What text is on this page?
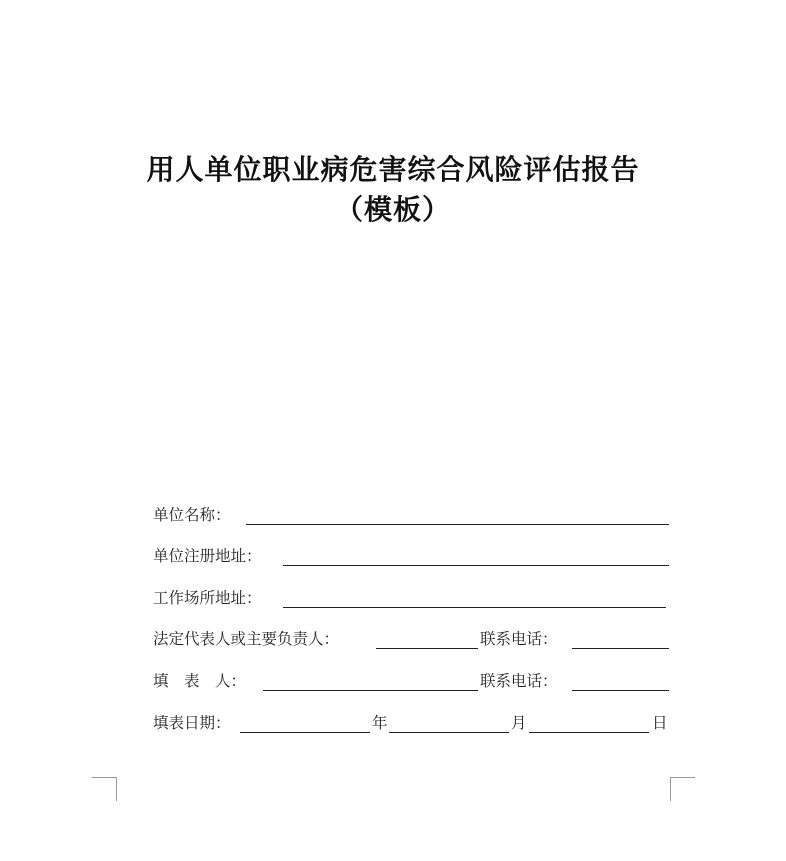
用人单位职业病危害综合风险评估报告
（模板）
单位名称：
单位注册地址：
工作场所地址：
法定代表人或主要负责人：	联系电话：
填　表　人：	联系电话：
填表日期：	年	月	日
